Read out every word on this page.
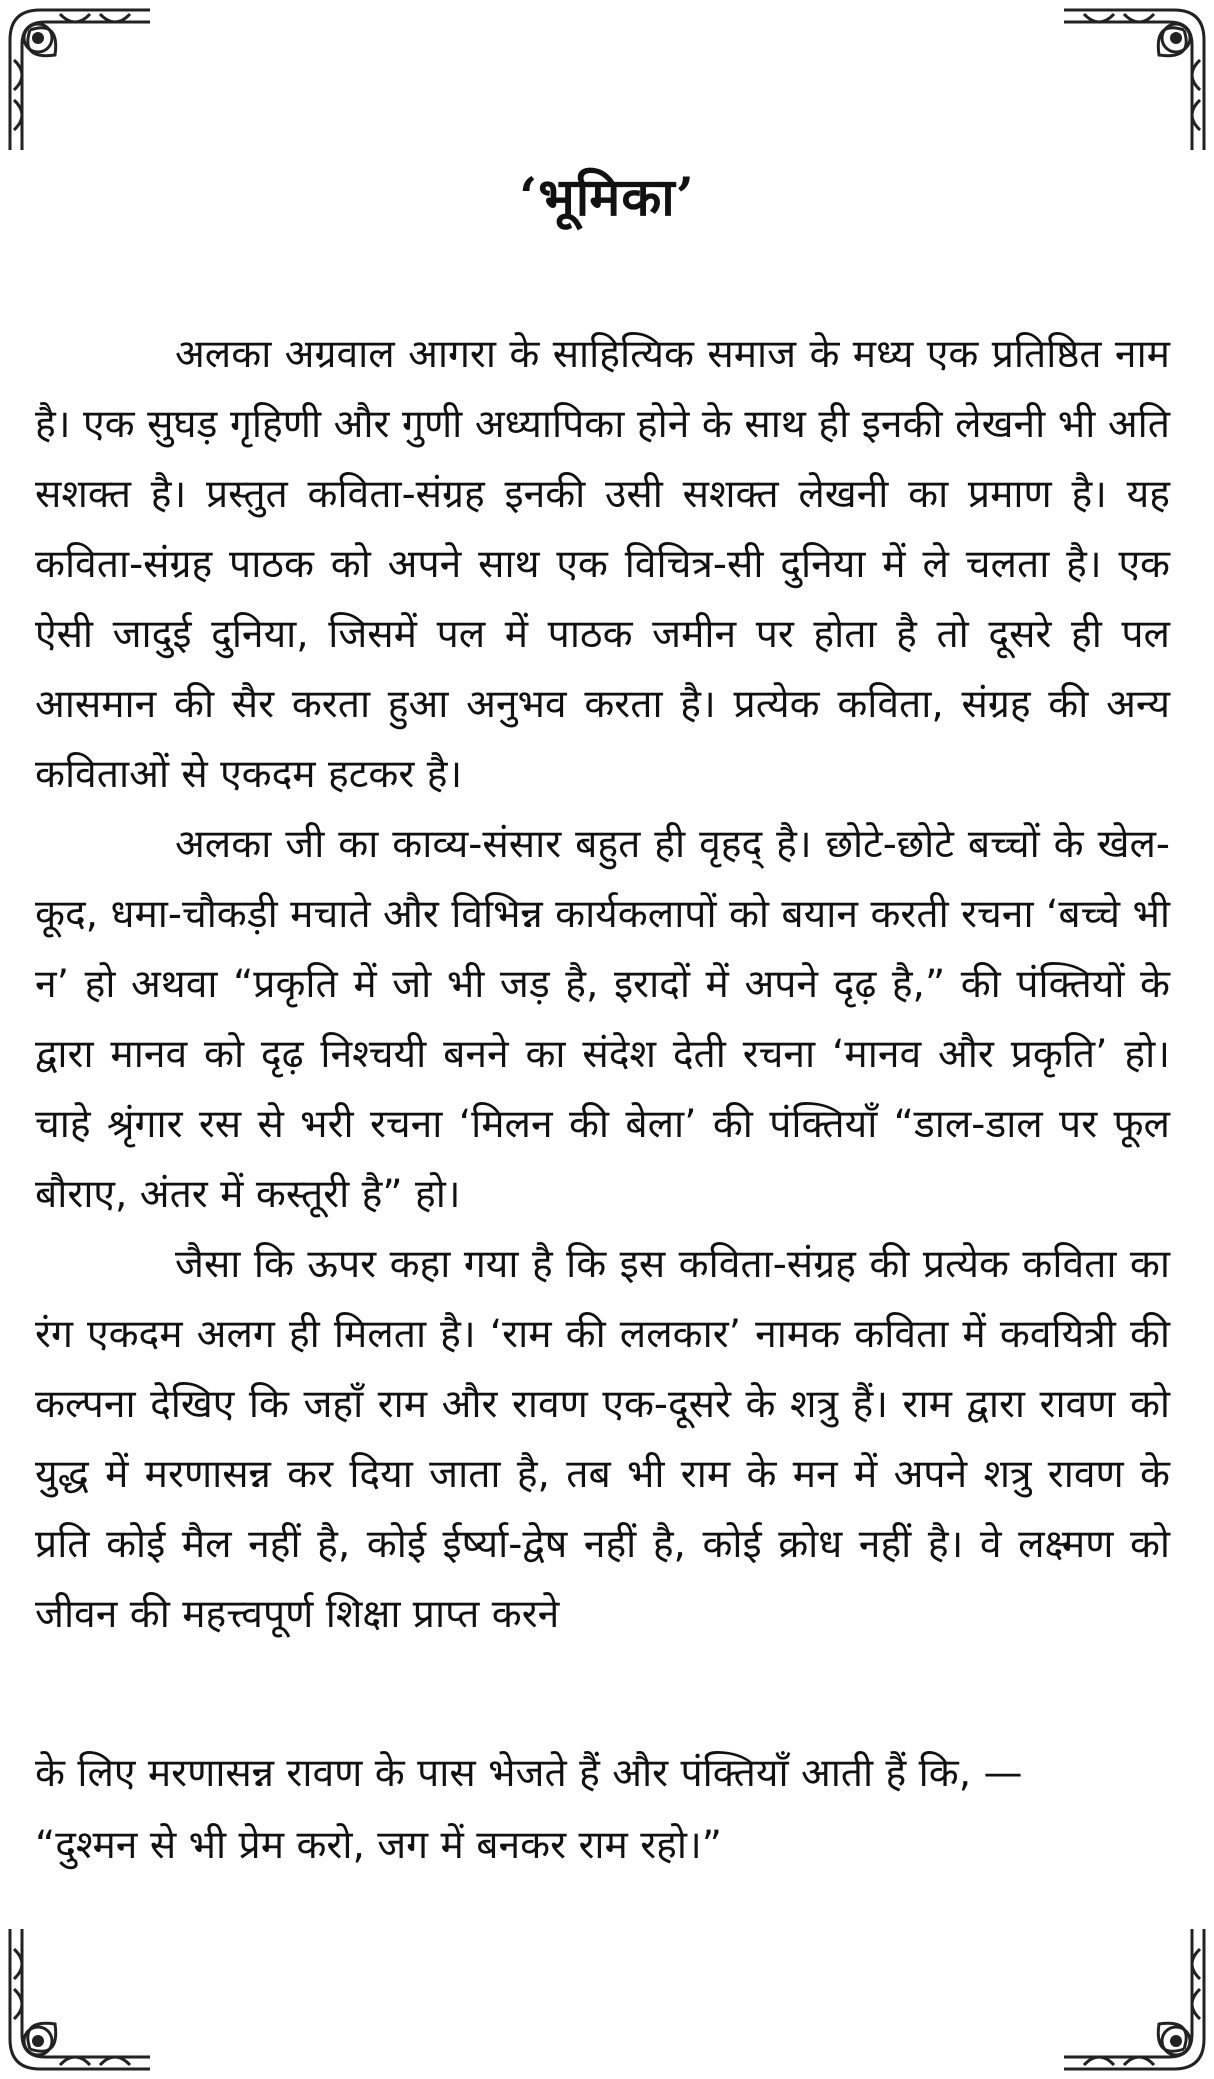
‘भूमिका’

अलका अग्रवाल आगरा के साहित्यिक समाज के मध्य एक प्रतिष्ठित नाम है। एक सुघड़ गृहिणी और गुणी अध्यापिका होने के साथ ही इनकी लेखनी भी अति सशक्त है। प्रस्तुत कविता-संग्रह इनकी उसी सशक्त लेखनी का प्रमाण है। यह कविता-संग्रह पाठक को अपने साथ एक विचित्र-सी दुनिया में ले चलता है। एक ऐसी जादुई दुनिया, जिसमें पल में पाठक जमीन पर होता है तो दूसरे ही पल आसमान की सैर करता हुआ अनुभव करता है। प्रत्येक कविता, संग्रह की अन्य कविताओं से एकदम हटकर है।

अलका जी का काव्य-संसार बहुत ही वृहद् है। छोटे-छोटे बच्चों के खेल-कूद, धमा-चौकड़ी मचाते और विभिन्न कार्यकलापों को बयान करती रचना ‘बच्चे भी न’ हो अथवा “प्रकृति में जो भी जड़ है, इरादों में अपने दृढ़ है,” की पंक्तियों के द्वारा मानव को दृढ़ निश्चयी बनने का संदेश देती रचना ‘मानव और प्रकृति’ हो। चाहे श्रृंगार रस से भरी रचना ‘मिलन की बेला’ की पंक्तियाँ “डाल-डाल पर फूल बौराए, अंतर में कस्तूरी है” हो।

जैसा कि ऊपर कहा गया है कि इस कविता-संग्रह की प्रत्येक कविता का रंग एकदम अलग ही मिलता है। ‘राम की ललकार’ नामक कविता में कवयित्री की कल्पना देखिए कि जहाँ राम और रावण एक-दूसरे के शत्रु हैं। राम द्वारा रावण को युद्ध में मरणासन्न कर दिया जाता है, तब भी राम के मन में अपने शत्रु रावण के प्रति कोई मैल नहीं है, कोई ईर्ष्या-द्वेष नहीं है, कोई क्रोध नहीं है। वे लक्ष्मण को जीवन की महत्त्वपूर्ण शिक्षा प्राप्त करने

के लिए मरणासन्न रावण के पास भेजते हैं और पंक्तियाँ आती हैं कि, —
“दुश्मन से भी प्रेम करो, जग में बनकर राम रहो।”
